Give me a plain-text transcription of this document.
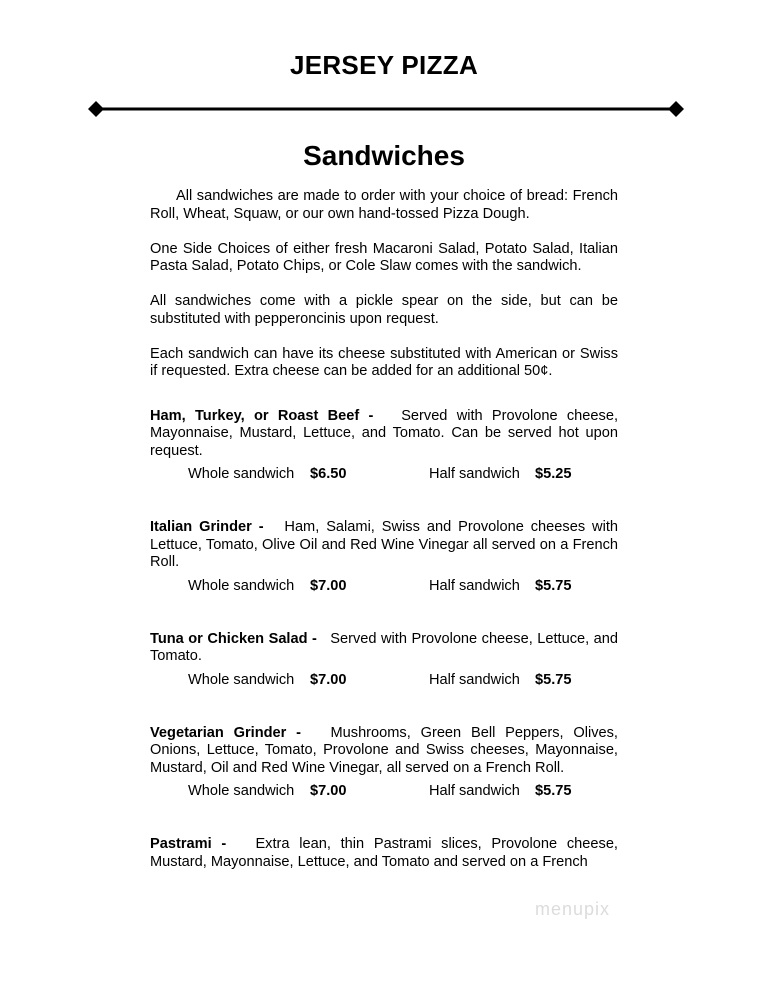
JERSEY PIZZA
Sandwiches

All sandwiches are made to order with your choice of bread: French Roll, Wheat, Squaw, or our own hand-tossed Pizza Dough.

One Side Choices of either fresh Macaroni Salad, Potato Salad, Italian Pasta Salad, Potato Chips, or Cole Slaw comes with the sandwich.

All sandwiches come with a pickle spear on the side, but can be substituted with pepperoncinis upon request.

Each sandwich can have its cheese substituted with American or Swiss if requested. Extra cheese can be added for an additional 50¢.

Ham, Turkey, or Roast Beef - Served with Provolone cheese, Mayonnaise, Mustard, Lettuce, and Tomato. Can be served hot upon request.

Whole sandwich $6.50	Half sandwich $5.25

Italian Grinder - Ham, Salami, Swiss and Provolone cheeses with Lettuce, Tomato, Olive Oil and Red Wine Vinegar all served on a French Roll.

Whole sandwich $7.00	Half sandwich $5.75

Tuna or Chicken Salad - Served with Provolone cheese, Lettuce, and Tomato.

Whole sandwich $7.00	Half sandwich $5.75

Vegetarian Grinder - Mushrooms, Green Bell Peppers, Olives, Onions, Lettuce, Tomato, Provolone and Swiss cheeses, Mayonnaise, Mustard, Oil and Red Wine Vinegar, all served on a French Roll.

Whole sandwich $7.00	Half sandwich $5.75

Pastrami - Extra lean, thin Pastrami slices, Provolone cheese, Mustard, Mayonnaise, Lettuce, and Tomato and served on a French

menupix
